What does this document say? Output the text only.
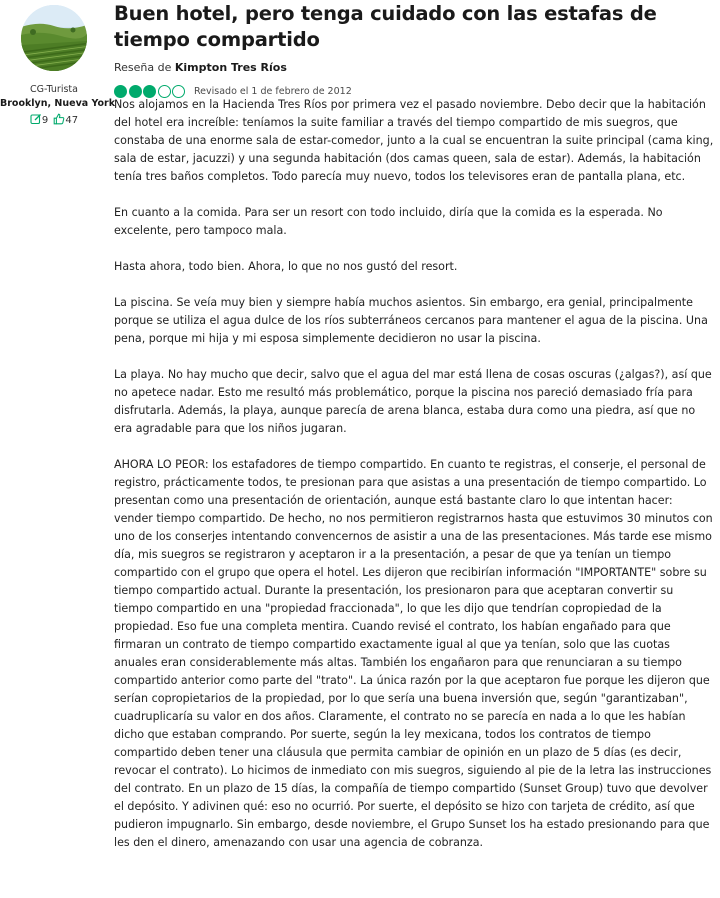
CG-Turista
Brooklyn, Nueva York
9 47
Buen hotel, pero tenga cuidado con las estafas de tiempo compartido
Reseña de Kimpton Tres Ríos
Revisado el 1 de febrero de 2012

Nos alojamos en la Hacienda Tres Ríos por primera vez el pasado noviembre. Debo decir que la habitación del hotel era increíble: teníamos la suite familiar a través del tiempo compartido de mis suegros, que constaba de una enorme sala de estar-comedor, junto a la cual se encuentran la suite principal (cama king, sala de estar, jacuzzi) y una segunda habitación (dos camas queen, sala de estar). Además, la habitación tenía tres baños completos. Todo parecía muy nuevo, todos los televisores eran de pantalla plana, etc.

En cuanto a la comida. Para ser un resort con todo incluido, diría que la comida es la esperada. No excelente, pero tampoco mala.

Hasta ahora, todo bien. Ahora, lo que no nos gustó del resort.

La piscina. Se veía muy bien y siempre había muchos asientos. Sin embargo, era genial, principalmente porque se utiliza el agua dulce de los ríos subterráneos cercanos para mantener el agua de la piscina. Una pena, porque mi hija y mi esposa simplemente decidieron no usar la piscina.

La playa. No hay mucho que decir, salvo que el agua del mar está llena de cosas oscuras (¿algas?), así que no apetece nadar. Esto me resultó más problemático, porque la piscina nos pareció demasiado fría para disfrutarla. Además, la playa, aunque parecía de arena blanca, estaba dura como una piedra, así que no era agradable para que los niños jugaran.

AHORA LO PEOR: los estafadores de tiempo compartido. En cuanto te registras, el conserje, el personal de registro, prácticamente todos, te presionan para que asistas a una presentación de tiempo compartido. Lo presentan como una presentación de orientación, aunque está bastante claro lo que intentan hacer: vender tiempo compartido. De hecho, no nos permitieron registrarnos hasta que estuvimos 30 minutos con uno de los conserjes intentando convencernos de asistir a una de las presentaciones. Más tarde ese mismo día, mis suegros se registraron y aceptaron ir a la presentación, a pesar de que ya tenían un tiempo compartido con el grupo que opera el hotel. Les dijeron que recibirían información "IMPORTANTE" sobre su tiempo compartido actual. Durante la presentación, los presionaron para que aceptaran convertir su tiempo compartido en una "propiedad fraccionada", lo que les dijo que tendrían copropiedad de la propiedad. Eso fue una completa mentira. Cuando revisé el contrato, los habían engañado para que firmaran un contrato de tiempo compartido exactamente igual al que ya tenían, solo que las cuotas anuales eran considerablemente más altas. También los engañaron para que renunciaran a su tiempo compartido anterior como parte del "trato". La única razón por la que aceptaron fue porque les dijeron que serían copropietarios de la propiedad, por lo que sería una buena inversión que, según "garantizaban", cuadruplicaría su valor en dos años. Claramente, el contrato no se parecía en nada a lo que les habían dicho que estaban comprando. Por suerte, según la ley mexicana, todos los contratos de tiempo compartido deben tener una cláusula que permita cambiar de opinión en un plazo de 5 días (es decir, revocar el contrato). Lo hicimos de inmediato con mis suegros, siguiendo al pie de la letra las instrucciones del contrato. En un plazo de 15 días, la compañía de tiempo compartido (Sunset Group) tuvo que devolver el depósito. Y adivinen qué: eso no ocurrió. Por suerte, el depósito se hizo con tarjeta de crédito, así que pudieron impugnarlo. Sin embargo, desde noviembre, el Grupo Sunset los ha estado presionando para que les den el dinero, amenazando con usar una agencia de cobranza.
